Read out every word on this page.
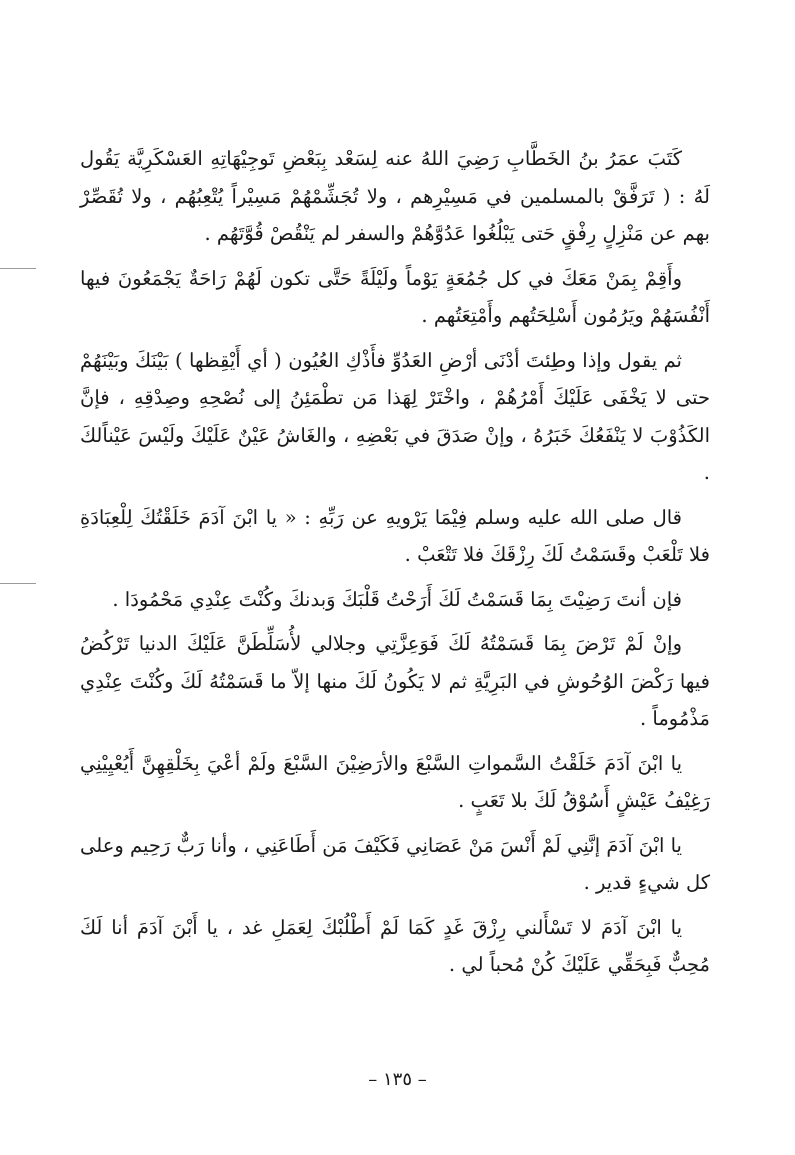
كَتَبَ عمَرُ بنُ الخَطَّابِ رَضِيَ اللهُ عنه لِسَعْد بِبَعْضِ تَوجِيْهَاتِهِ العَسْكَرِيَّة يَقُول لَهُ : ( تَرَفَّقْ بالمسلمين في مَسِيْرِهم ، ولا تُجَشِّمْهُمْ مَسِيْراً يُتْعِبُهُم ، ولا تُقَصِّرْ بهم عن مَنْزِلٍ رِفْقٍ حَتى يَبْلُغُوا عَدُوَّهُمْ والسفر لم يَنْقُصْ قُوَّتَهُم .

وأَقِمْ بِمَنْ مَعَكَ في كل جُمُعَةٍ يَوْماً ولَيْلَةً حَتَّى تكون لَهُمْ رَاحَةٌ يَجْمَعُونَ فيها أَنْفُسَهُمْ ويَرُمُون أَسْلِحَتُهم وأَمْتِعَتُهم .

ثم يقول وإذا وطِئتَ أدْنَى أرْضِ العَدُوِّ فأَذْكِ العُيُون ( أي أَيْقِظها ) بَيْنَكَ وبَيْنَهُمْ حتى لا يَخْفَى عَلَيْكَ أَمْرُهُمْ ، واخْتَرْ لِهَذا مَن تطْمَئِنُ إلى نُصْحِهِ وصِدْقِهِ ، فإنَّ الكَذُوْبَ لا يَنْفَعُكَ خَبَرُهُ ، وإنْ صَدَقَ في بَعْضِهِ ، والغَاشُ عَيْنٌ عَلَيْكَ ولَيْسَ عَيْناًلكَ .

قال صلى الله عليه وسلم فِيْمَا يَرْويهِ عن رَبِّهِ : « يا ابْنَ آدَمَ خَلَقْتُكَ لِلْعِبَادَةِ فلا تَلْعَبْ وقَسَمْتُ لَكَ رِزْقَكَ فلا تَتْعَبْ .

فإن أنتَ رَضِيْتَ بِمَا قَسَمْتُ لَكَ أَرَحْتُ قَلْبَكَ وَبدنكَ وكُنْتَ عِنْدِي مَحْمُودَا .

وإنْ لَمْ تَرْضَ بِمَا قَسَمْتُهُ لَكَ فَوَعِزَّتِي وجلالي لأُسَلِّطَنَّ عَلَيْكَ الدنيا تَرْكُضُ فيها رَكْضَ الوُحُوشِ في البَرِيَّةِ ثم لا يَكُونُ لَكَ منها إلاّ ما قَسَمْتُهُ لَكَ وكُنْتَ عِنْدِي مَذْمُوماً .

يا ابْنَ آدَمَ خَلَقْتُ السَّمواتِ السَّبْعَ والأرَضِيْنَ السَّبْعَ ولَمْ أعْيَ بِخَلْقِهِنَّ أَيُعْيِيْنِي رَغِيْفُ عَيْشٍ أَسُوْقُ لَكَ بلا تَعَبٍ .

يا ابْنَ آدَمَ إنَّنِي لَمْ أَنْسَ مَنْ عَصَانِي فَكَيْفَ مَن أَطَاعَنِي ، وأنا رَبٌّ رَحِيم وعلى كل شيءٍ قدير .

يا ابْنَ آدَمَ لا تَسْأَلني رِزْقَ غَدٍ كَمَا لَمْ أَطْلُبْكَ لِعَمَلِ غد ، يا أَبْنَ آدَمَ أنا لَكَ مُحِبٌّ فَبِحَقِّي عَلَيْكَ كُنْ مُحباً لي .

– ١٣٥ –
